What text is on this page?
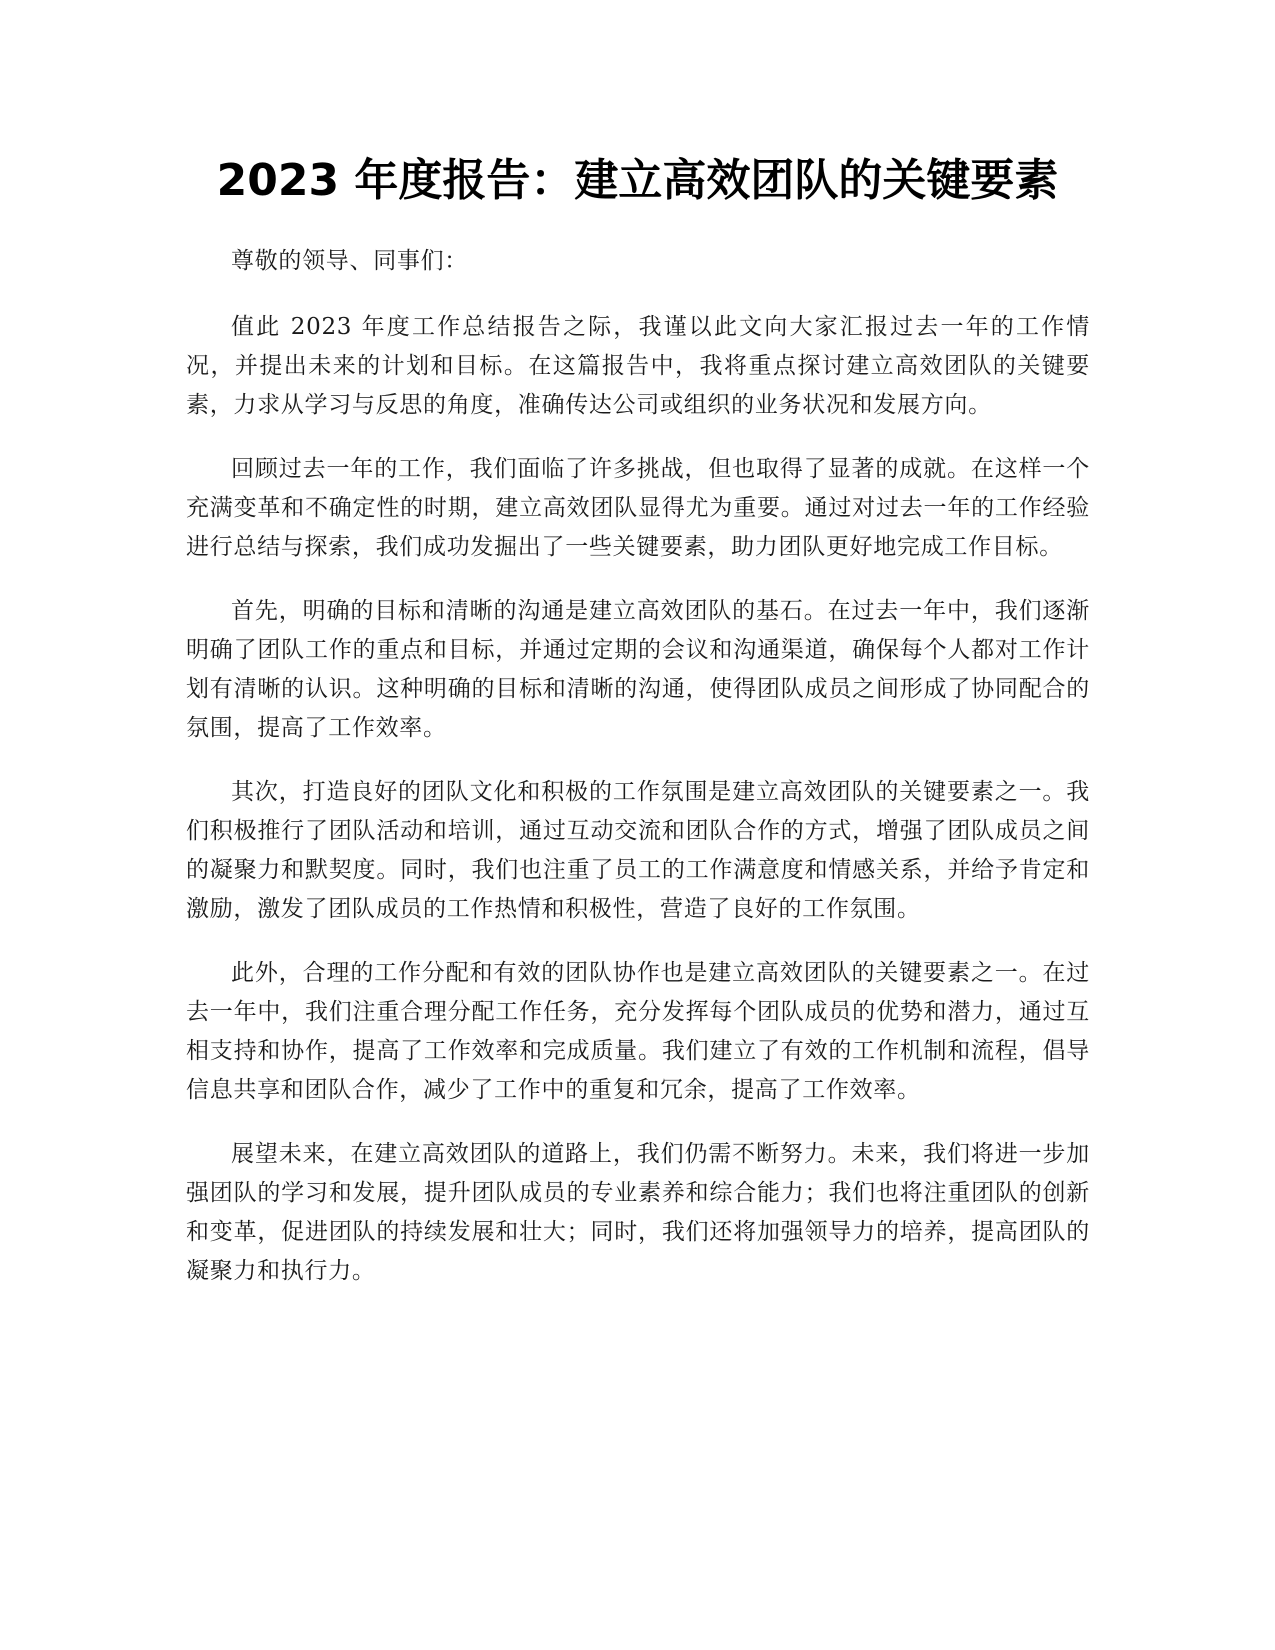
2023 年度报告：建立高效团队的关键要素

尊敬的领导、同事们：

值此 2023 年度工作总结报告之际，我谨以此文向大家汇报过去一年的工作情况，并提出未来的计划和目标。在这篇报告中，我将重点探讨建立高效团队的关键要素，力求从学习与反思的角度，准确传达公司或组织的业务状况和发展方向。

回顾过去一年的工作，我们面临了许多挑战，但也取得了显著的成就。在这样一个充满变革和不确定性的时期，建立高效团队显得尤为重要。通过对过去一年的工作经验进行总结与探索，我们成功发掘出了一些关键要素，助力团队更好地完成工作目标。

首先，明确的目标和清晰的沟通是建立高效团队的基石。在过去一年中，我们逐渐明确了团队工作的重点和目标，并通过定期的会议和沟通渠道，确保每个人都对工作计划有清晰的认识。这种明确的目标和清晰的沟通，使得团队成员之间形成了协同配合的氛围，提高了工作效率。

其次，打造良好的团队文化和积极的工作氛围是建立高效团队的关键要素之一。我们积极推行了团队活动和培训，通过互动交流和团队合作的方式，增强了团队成员之间的凝聚力和默契度。同时，我们也注重了员工的工作满意度和情感关系，并给予肯定和激励，激发了团队成员的工作热情和积极性，营造了良好的工作氛围。

此外，合理的工作分配和有效的团队协作也是建立高效团队的关键要素之一。在过去一年中，我们注重合理分配工作任务，充分发挥每个团队成员的优势和潜力，通过互相支持和协作，提高了工作效率和完成质量。我们建立了有效的工作机制和流程，倡导信息共享和团队合作，减少了工作中的重复和冗余，提高了工作效率。

展望未来，在建立高效团队的道路上，我们仍需不断努力。未来，我们将进一步加强团队的学习和发展，提升团队成员的专业素养和综合能力；我们也将注重团队的创新和变革，促进团队的持续发展和壮大；同时，我们还将加强领导力的培养，提高团队的凝聚力和执行力。
